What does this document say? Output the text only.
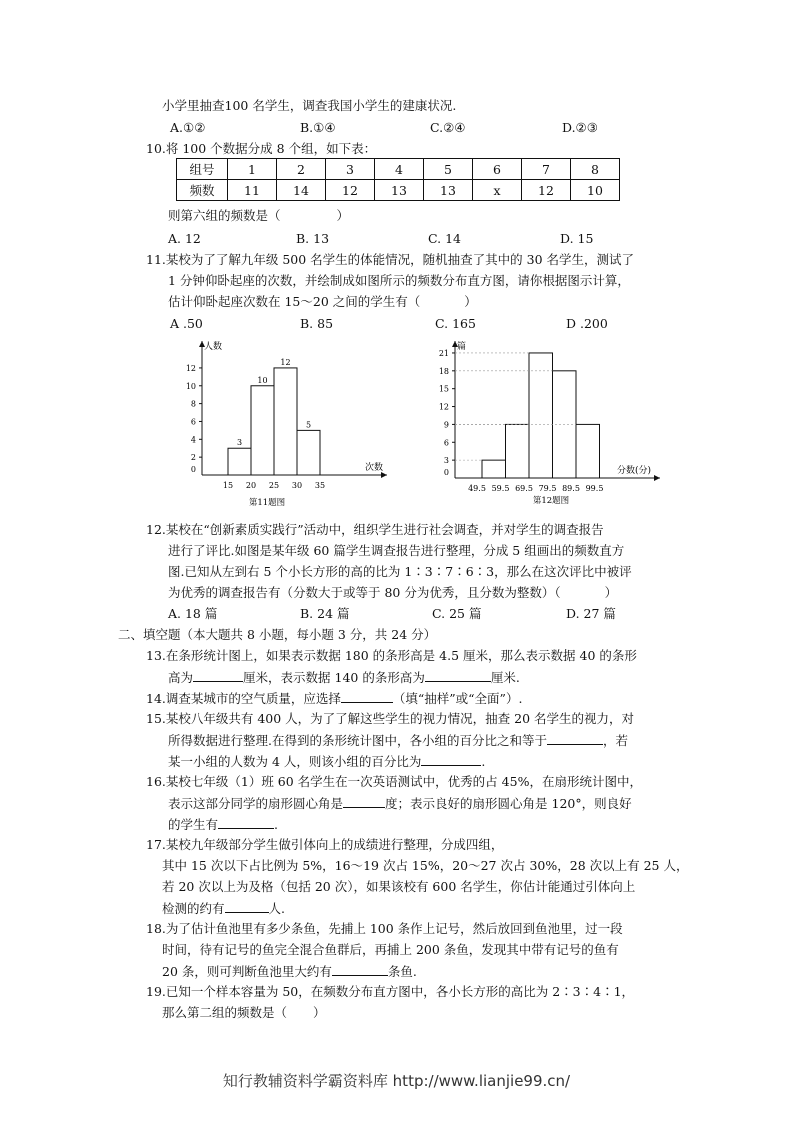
小学里抽查100 名学生，调查我国小学生的建康状况.
A.①②	B.①④	C.②④	D.②③
10.将 100 个数据分成 8 个组，如下表：
组号	1	2	3	4	5	6	7	8
频数	11	14	12	13	13	x	12	10
则第六组的频数是（	）
A. 12	B. 13	C. 14	D. 15
11.某校为了了解九年级 500 名学生的体能情况，随机抽查了其中的 30 名学生，测试了
1 分钟仰卧起座的次数，并绘制成如图所示的频数分布直方图，请你根据图示计算，
估计仰卧起座次数在 15～20 之间的学生有（	）
A .50	B. 85	C. 165	D .200
人数
次数
0
2
4
6
8
10
12
3
10
12
5
15 20 25 30 35
第11题图
篇
分数(分)
0
3
6
9
12
15
18
21
49.5 59.5 69.5 79.5 89.5 99.5
第12题图
12.某校在“创新素质实践行”活动中，组织学生进行社会调查，并对学生的调查报告
进行了评比.如图是某年级 60 篇学生调查报告进行整理，分成 5 组画出的频数直方
图.已知从左到右 5 个小长方形的高的比为 1∶3∶7∶6∶3，那么在这次评比中被评
为优秀的调查报告有（分数大于或等于 80 分为优秀，且分数为整数）（	）
A. 18 篇	B. 24 篇	C. 25 篇	D. 27 篇
二、填空题（本大题共 8 小题，每小题 3 分，共 24 分）
13.在条形统计图上，如果表示数据 180 的条形高是 4.5 厘米，那么表示数据 40 的条形
高为	厘米，表示数据 140 的条形高为	厘米.
14.调查某城市的空气质量，应选择	（填“抽样”或“全面”）.
15.某校八年级共有 400 人，为了了解这些学生的视力情况，抽查 20 名学生的视力，对
所得数据进行整理.在得到的条形统计图中，各小组的百分比之和等于	，若
某一小组的人数为 4 人，则该小组的百分比为	.
16.某校七年级（1）班 60 名学生在一次英语测试中，优秀的占 45%，在扇形统计图中，
表示这部分同学的扇形圆心角是	度；表示良好的扇形圆心角是 120°，则良好
的学生有	.
17.某校九年级部分学生做引体向上的成绩进行整理，分成四组，
其中 15 次以下占比例为 5%，16～19 次占 15%，20～27 次占 30%，28 次以上有 25 人，
若 20 次以上为及格（包括 20 次），如果该校有 600 名学生，你估计能通过引体向上
检测的约有	人.
18.为了估计鱼池里有多少条鱼，先捕上 100 条作上记号，然后放回到鱼池里，过一段
时间，待有记号的鱼完全混合鱼群后，再捕上 200 条鱼，发现其中带有记号的鱼有
20 条，则可判断鱼池里大约有	条鱼.
19.已知一个样本容量为 50，在频数分布直方图中，各小长方形的高比为 2∶3∶4∶1，
那么第二组的频数是（ ）
知行教辅资料学霸资料库 http://www.lianjie99.cn/
